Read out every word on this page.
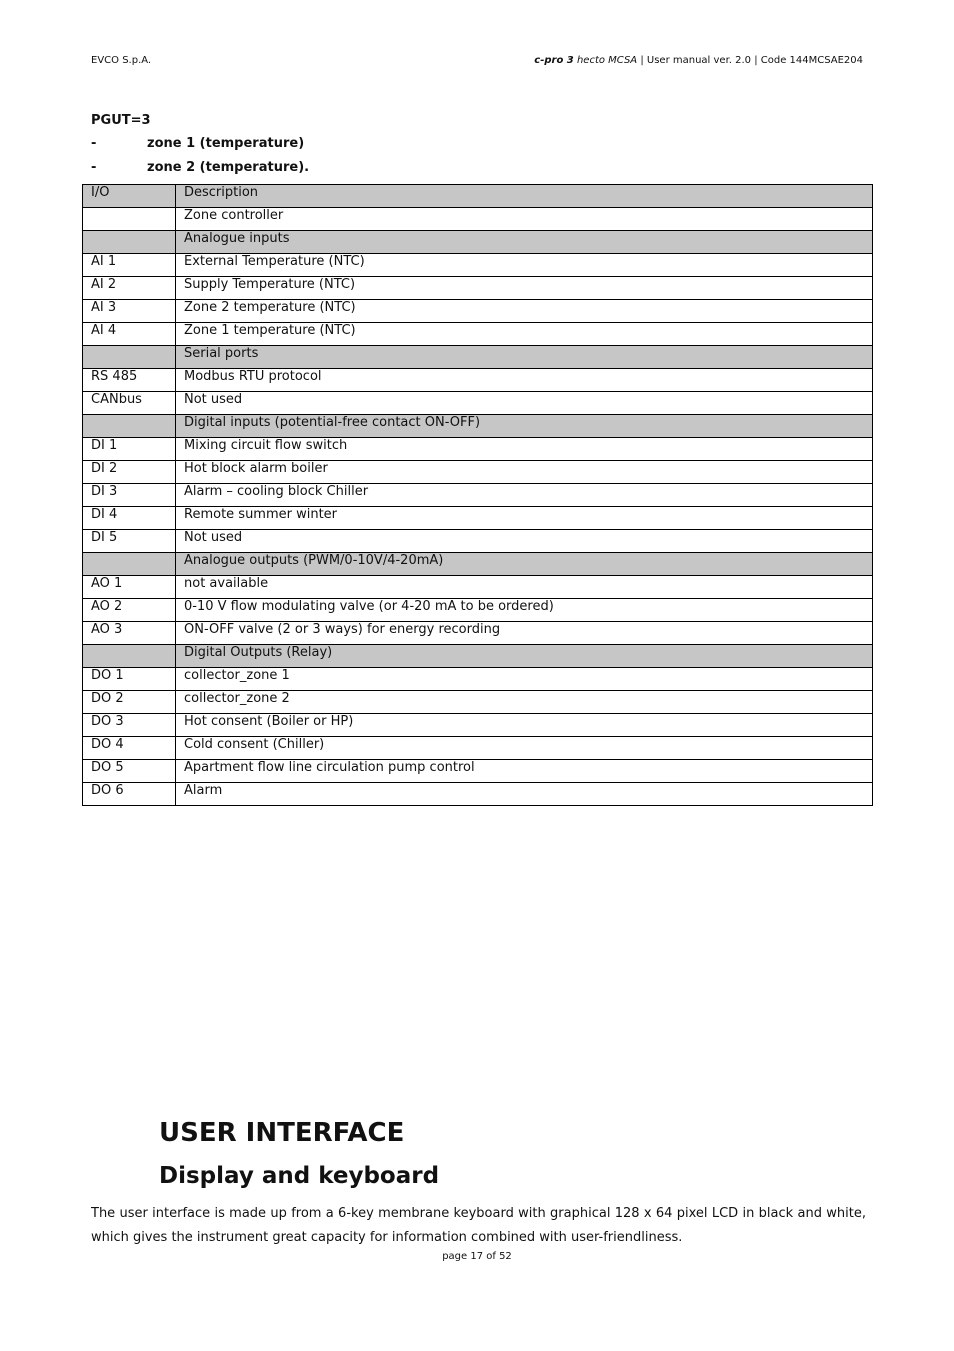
EVCO S.p.A.	c-pro 3 hecto MCSA | User manual ver. 2.0 | Code 144MCSAE204
PGUT=3
-	zone 1 (temperature)
-	zone 2 (temperature).
I/O	Description
	Zone controller
	Analogue inputs
AI 1	External Temperature (NTC)
AI 2	Supply Temperature (NTC)
AI 3	Zone 2 temperature (NTC)
AI 4	Zone 1 temperature (NTC)
	Serial ports
RS 485	Modbus RTU protocol
CANbus	Not used
	Digital inputs (potential-free contact ON-OFF)
DI 1	Mixing circuit flow switch
DI 2	Hot block alarm boiler
DI 3	Alarm – cooling block Chiller
DI 4	Remote summer winter
DI 5	Not used
	Analogue outputs (PWM/0-10V/4-20mA)
AO 1	not available
AO 2	0-10 V flow modulating valve (or 4-20 mA to be ordered)
AO 3	ON-OFF valve (2 or 3 ways) for energy recording
	Digital Outputs (Relay)
DO 1	collector_zone 1
DO 2	collector_zone 2
DO 3	Hot consent (Boiler or HP)
DO 4	Cold consent (Chiller)
DO 5	Apartment flow line circulation pump control
DO 6	Alarm
USER INTERFACE
Display and keyboard
The user interface is made up from a 6-key membrane keyboard with graphical 128 x 64 pixel LCD in black and white, which gives the instrument great capacity for information combined with user-friendliness.
page 17 of 52
